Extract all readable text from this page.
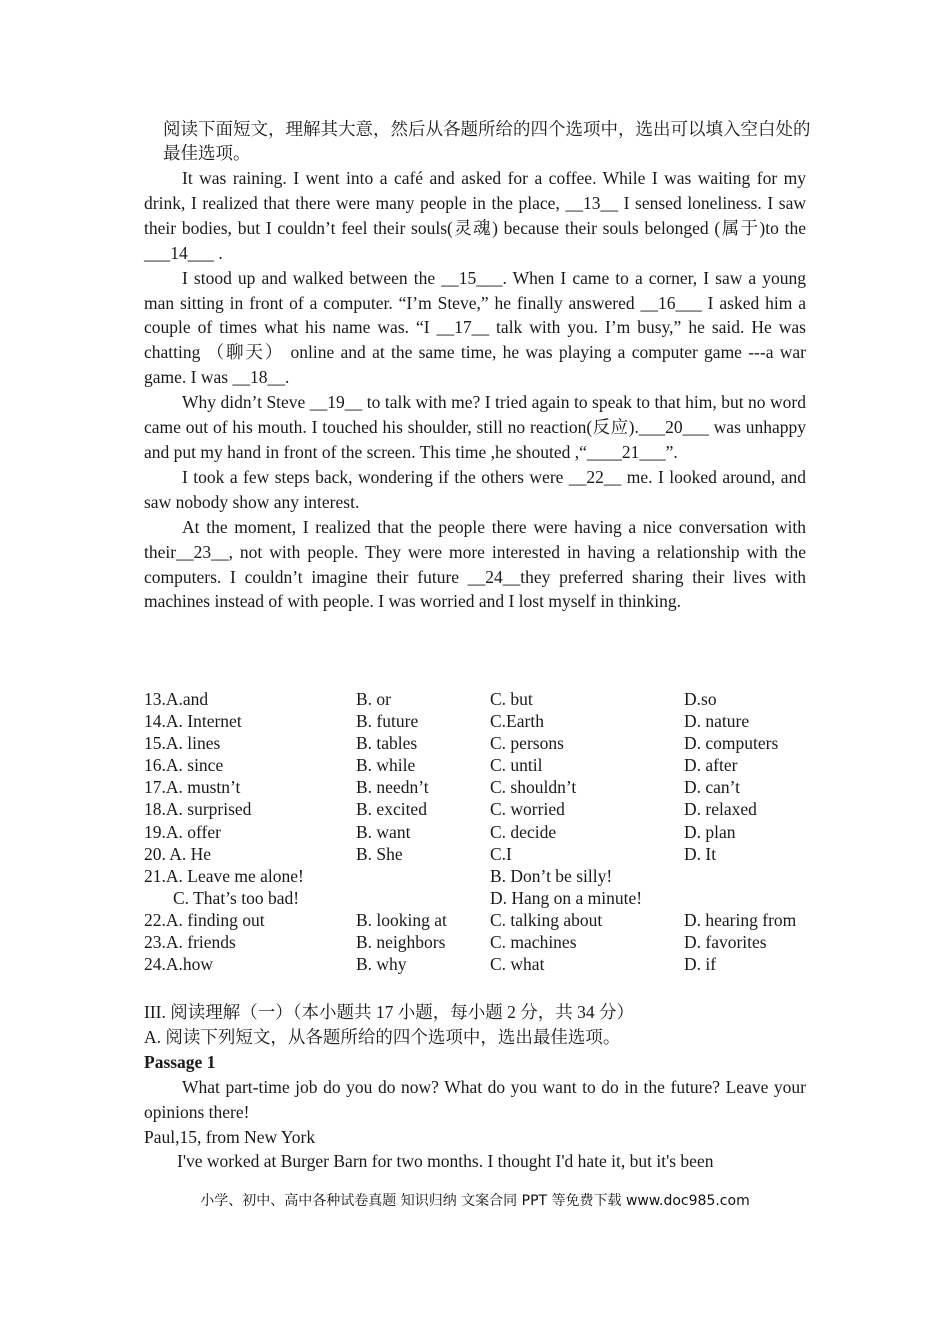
阅读下面短文，理解其大意，然后从各题所给的四个选项中，选出可以填入空白处的最佳选项。

It was raining. I went into a café and asked for a coffee. While I was waiting for my drink, I realized that there were many people in the place, __13__ I sensed loneliness. I saw their bodies, but I couldn’t feel their souls(灵魂) because their souls belonged (属于)to the ___14___ .

I stood up and walked between the __15___. When I came to a corner, I saw a young man sitting in front of a computer. “I’m Steve,” he finally answered __16___ I asked him a couple of times what his name was. “I __17__ talk with you. I’m busy,” he said. He was chatting （聊天） online and at the same time, he was playing a computer game ---a war game. I was __18__.

Why didn’t Steve __19__ to talk with me? I tried again to speak to that him, but no word came out of his mouth. I touched his shoulder, still no reaction(反应).___20___ was unhappy and put my hand in front of the screen. This time ,he shouted ,“____21___”.

I took a few steps back, wondering if the others were __22__ me. I looked around, and saw nobody show any interest.

At the moment, I realized that the people there were having a nice conversation with their__23__, not with people. They were more interested in having a relationship with the computers. I couldn’t imagine their future __24__they preferred sharing their lives with machines instead of with people. I was worried and I lost myself in thinking.

13.A.and	B. or	C. but	D.so
14.A. Internet	B. future	C.Earth	D. nature
15.A. lines	B. tables	C. persons	D. computers
16.A. since	B. while	C. until	D. after
17.A. mustn’t	B. needn’t	C. shouldn’t	D. can’t
18.A. surprised	B. excited	C. worried	D. relaxed
19.A. offer	B. want	C. decide	D. plan
20. A. He	B. She	C.I	D. It
21.A. Leave me alone!	B. Don’t be silly!
C. That’s too bad!	D. Hang on a minute!
22.A. finding out	B. looking at C. talking about	D. hearing from
23.A. friends	B. neighbors	C. machines	D. favorites
24.A.how	B. why	C. what	D. if
III. 阅读理解（一）（本小题共 17 小题，每小题 2 分，共 34 分）
A. 阅读下列短文，从各题所给的四个选项中，选出最佳选项。
Passage 1

What part-time job do you do now? What do you want to do in the future? Leave your opinions there!

Paul,15, from New York

I've worked at Burger Barn for two months. I thought I'd hate it, but it's been

小学、初中、高中各种试卷真题 知识归纳 文案合同 PPT 等免费下载 www.doc985.com
